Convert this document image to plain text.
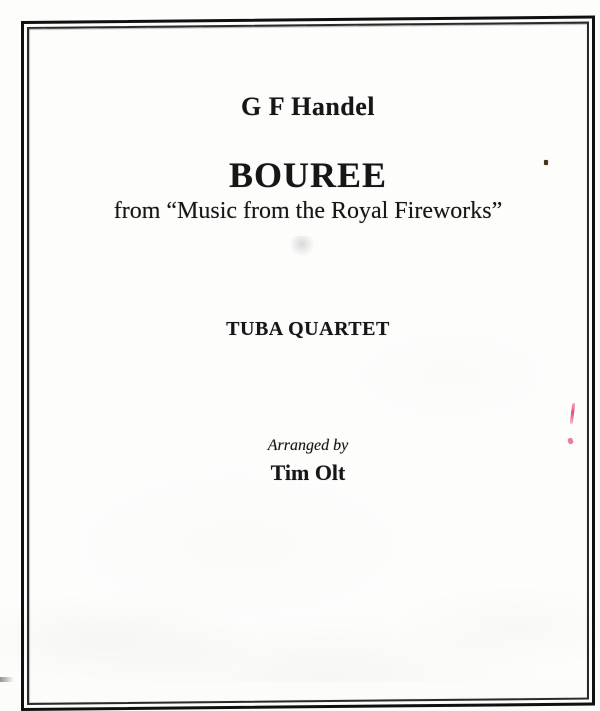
G F Handel
BOUREE
from “Music from the Royal Fireworks”
TUBA QUARTET
Arranged by
Tim Olt
